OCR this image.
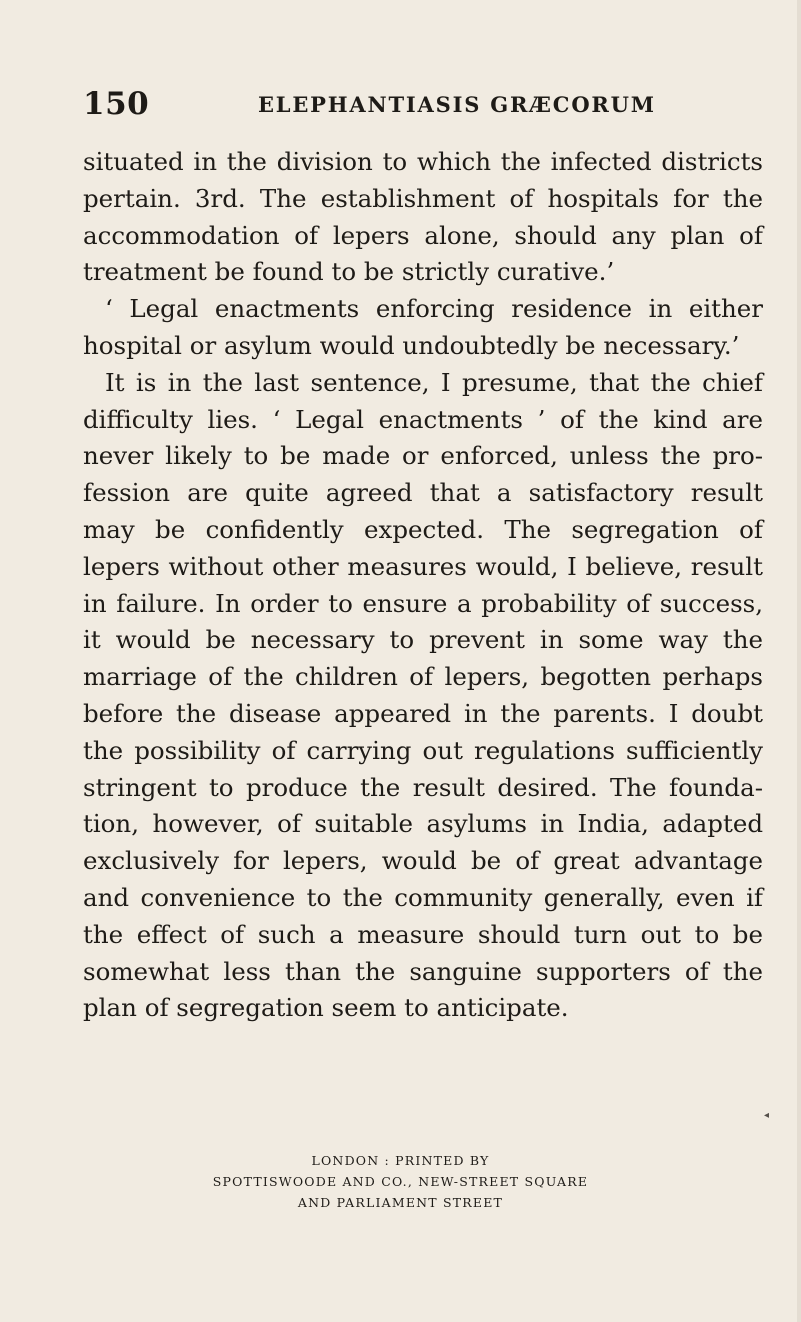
150	ELEPHANTIASIS GRÆCORUM
situated in the division to which the infected districts
pertain. 3rd. The establishment of hospitals for the
accommodation of lepers alone, should any plan of
treatment be found to be strictly curative.’
‘ Legal enactments enforcing residence in either
hospital or asylum would undoubtedly be necessary.’
It is in the last sentence, I presume, that the chief
difficulty lies. ‘ Legal enactments ’ of the kind are
never likely to be made or enforced, unless the pro-
fession are quite agreed that a satisfactory result
may be confidently expected. The segregation of
lepers without other measures would, I believe, result
in failure. In order to ensure a probability of success,
it would be necessary to prevent in some way the
marriage of the children of lepers, begotten perhaps
before the disease appeared in the parents. I doubt
the possibility of carrying out regulations sufficiently
stringent to produce the result desired. The founda-
tion, however, of suitable asylums in India, adapted
exclusively for lepers, would be of great advantage
and convenience to the community generally, even if
the effect of such a measure should turn out to be
somewhat less than the sanguine supporters of the
plan of segregation seem to anticipate.
◂
LONDON : PRINTED BY
SPOTTISWOODE AND CO., NEW-STREET SQUARE
AND PARLIAMENT STREET
